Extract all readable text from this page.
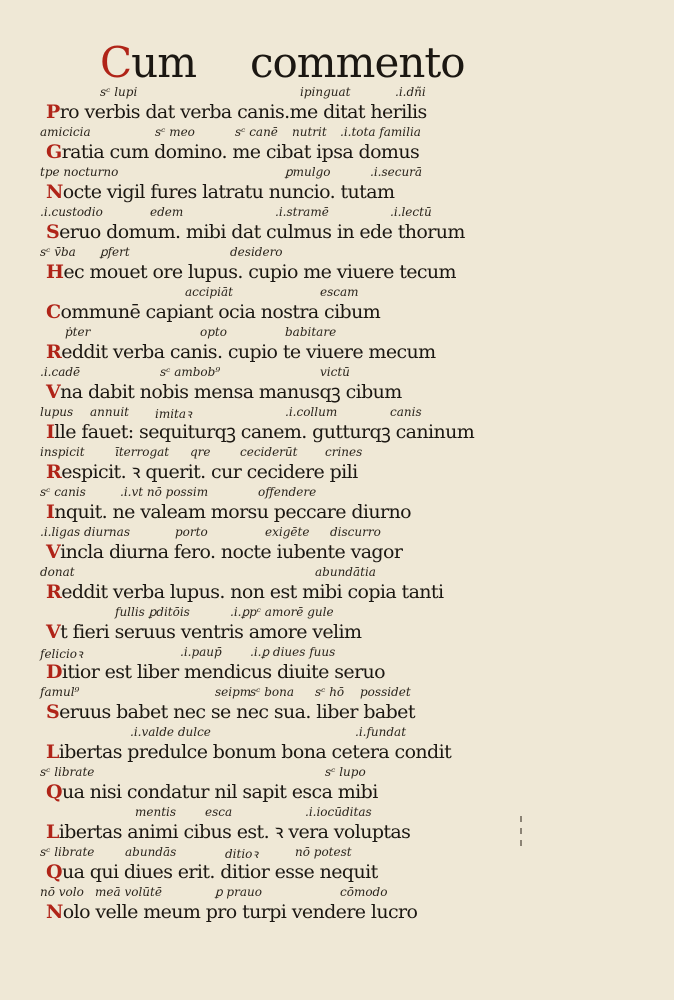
Cum commento
sᶜ lupi	ipinguat	.i.dñi
Pro verbis dat verba canis.me ditat herilis
amicicia	sᶜ meo	sᶜ canē nutrit .i.tota familia
Gratia cum domino. me cibat ipsa domus
tpe nocturno	ꝑmulgo	.i.securā
Nocte vigil fures latratu nuncio. tutam
.i.custodio	edem	.i.stramē	.i.lectū
Seruo domum. mibi dat culmus in ede thorum
sᶜ v̄ba ꝑfert	desidero
Hec mouet ore lupus. cupio me viuere tecum
accipiāt	escam
Communē capiant ocia nostra cibum
ṗter	opto	babitare
Reddit verba canis. cupio te viuere mecum
.i.cadē	sᶜ ambob⁹	victū
Vna dabit nobis mensa manusqꝫ cibum
lupus annuit imitaꝛ	.i.collum	canis
Ille fauet: sequiturqꝫ canem. gutturqꝫ caninum
inspicit	īterrogat qre ceciderūt crines
Respicit. ꝛ querit. cur cecidere pili
sᶜ canis	.i.vt nō possim	offendere
Inquit. ne valeam morsu peccare diurno
.i.ligas diurnas	porto	exigēte discurro
Vincla diurna fero. nocte iubente vagor
donat	abundātia
Reddit verba lupus. non est mibi copia tanti
fullis ꝑditōis	.i.ꝑpᶜ amorē gule
Vt fieri seruus ventris amore velim
felicioꝛ	.i.paup̄ .i.ꝑ diues fuus
Ditior est liber mendicus diuite seruo
famul⁹	seipm
sᶜ bona sᶜ hō possidet
Seruus babet nec se nec sua. liber babet
.i.valde dulce	.i.fundat
Libertas predulce bonum bona cetera condit
sᶜ librate	sᶜ lupo
Qua nisi condatur nil sapit esca mibi
mentis esca	.i.iocūditas
Libertas animi cibus est. ꝛ vera voluptas
sᶜ librate	abundās	ditioꝛ	nō potest
Qua qui diues erit. ditior esse nequit
nō volo meā volūtē	ꝑ prauo	cōmodo
Nolo velle meum pro turpi vendere lucro
